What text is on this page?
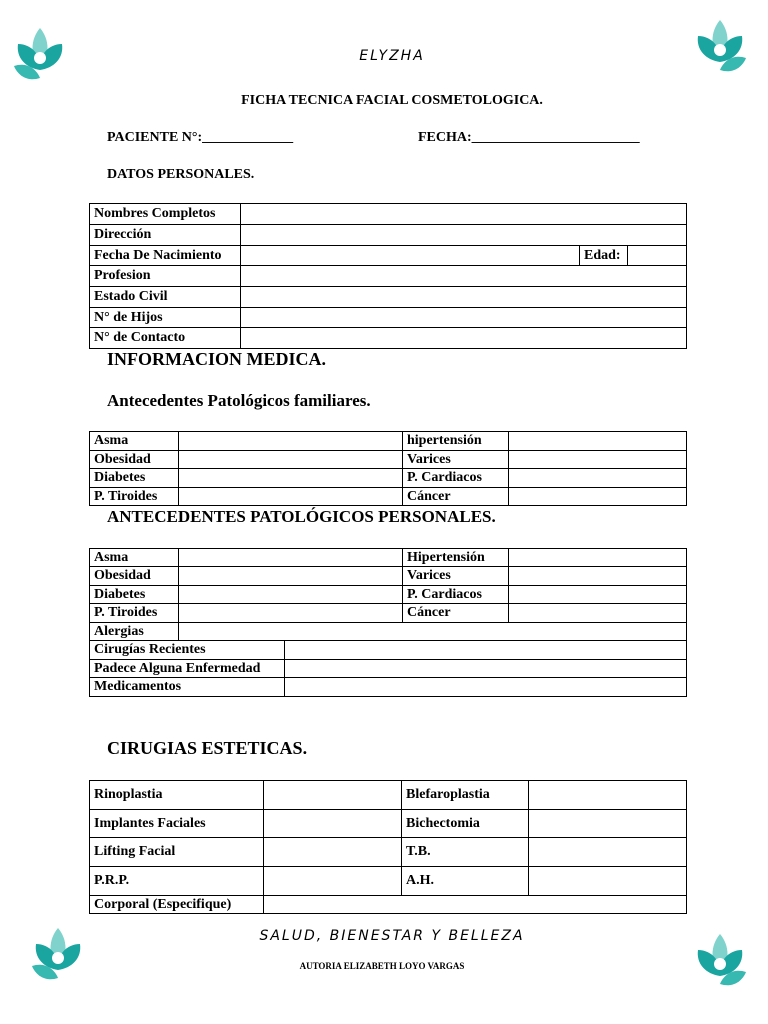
ELYZHA
FICHA TECNICA FACIAL COSMETOLOGICA.
PACIENTE N°:_____________	FECHA:________________________
DATOS PERSONALES.
Nombres Completos			
Dirección			
Fecha De Nacimiento		Edad:	
Profesion			
Estado Civil			
N° de Hijos			
N° de Contacto			
INFORMACION MEDICA.
Antecedentes Patológicos familiares.
Asma		hipertensión	
Obesidad		Varices	
Diabetes		P. Cardiacos	
P. Tiroides		Cáncer	
ANTECEDENTES PATOLÓGICOS PERSONALES.
Asma			Hipertensión	
Obesidad			Varices	
Diabetes			P. Cardiacos	
P. Tiroides			Cáncer	
Alergias				
Cirugías Recientes				
Padece Alguna Enfermedad				
Medicamentos				
CIRUGIAS ESTETICAS.
Rinoplastia		Blefaroplastia	
Implantes Faciales		Bichectomia	
Lifting Facial		T.B.	
P.R.P.		A.H.	
Corporal (Especifique)			
SALUD, BIENESTAR Y BELLEZA
AUTORIA ELIZABETH LOYO VARGAS
